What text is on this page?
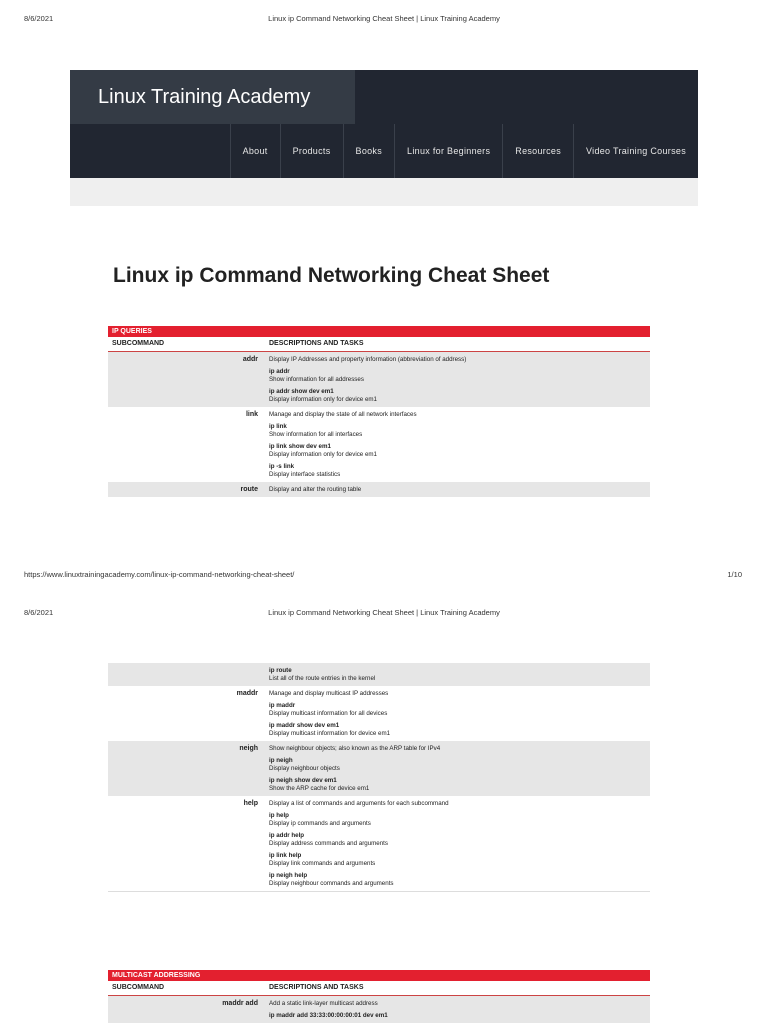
8/6/2021	Linux ip Command Networking Cheat Sheet | Linux Training Academy
Linux Training Academy
About	Products	Books	Linux for Beginners	Resources	Video Training Courses
Linux ip Command Networking Cheat Sheet
IP QUERIES
SUBCOMMAND	DESCRIPTIONS AND TASKS
addr Display IP Addresses and property information (abbreviation of address)
ip addr
Show information for all addresses
ip addr show dev em1
Display information only for device em1
link Manage and display the state of all network interfaces
ip link
Show information for all interfaces
ip link show dev em1
Display information only for device em1
ip -s link
Display interface statistics
route Display and alter the routing table
https://www.linuxtrainingacademy.com/linux-ip-command-networking-cheat-sheet/	1/10
8/6/2021	Linux ip Command Networking Cheat Sheet | Linux Training Academy
ip route
List all of the route entries in the kernel
maddr Manage and display multicast IP addresses
ip maddr
Display multicast information for all devices
ip maddr show dev em1
Display multicast information for device em1
neigh Show neighbour objects; also known as the ARP table for IPv4
ip neigh
Display neighbour objects
ip neigh show dev em1
Show the ARP cache for device em1
help Display a list of commands and arguments for each subcommand
ip help
Display ip commands and arguments
ip addr help
Display address commands and arguments
ip link help
Display link commands and arguments
ip neigh help
Display neighbour commands and arguments
MULTICAST ADDRESSING
SUBCOMMAND	DESCRIPTIONS AND TASKS
maddr add Add a static link-layer multicast address
ip maddr add 33:33:00:00:00:01 dev em1
